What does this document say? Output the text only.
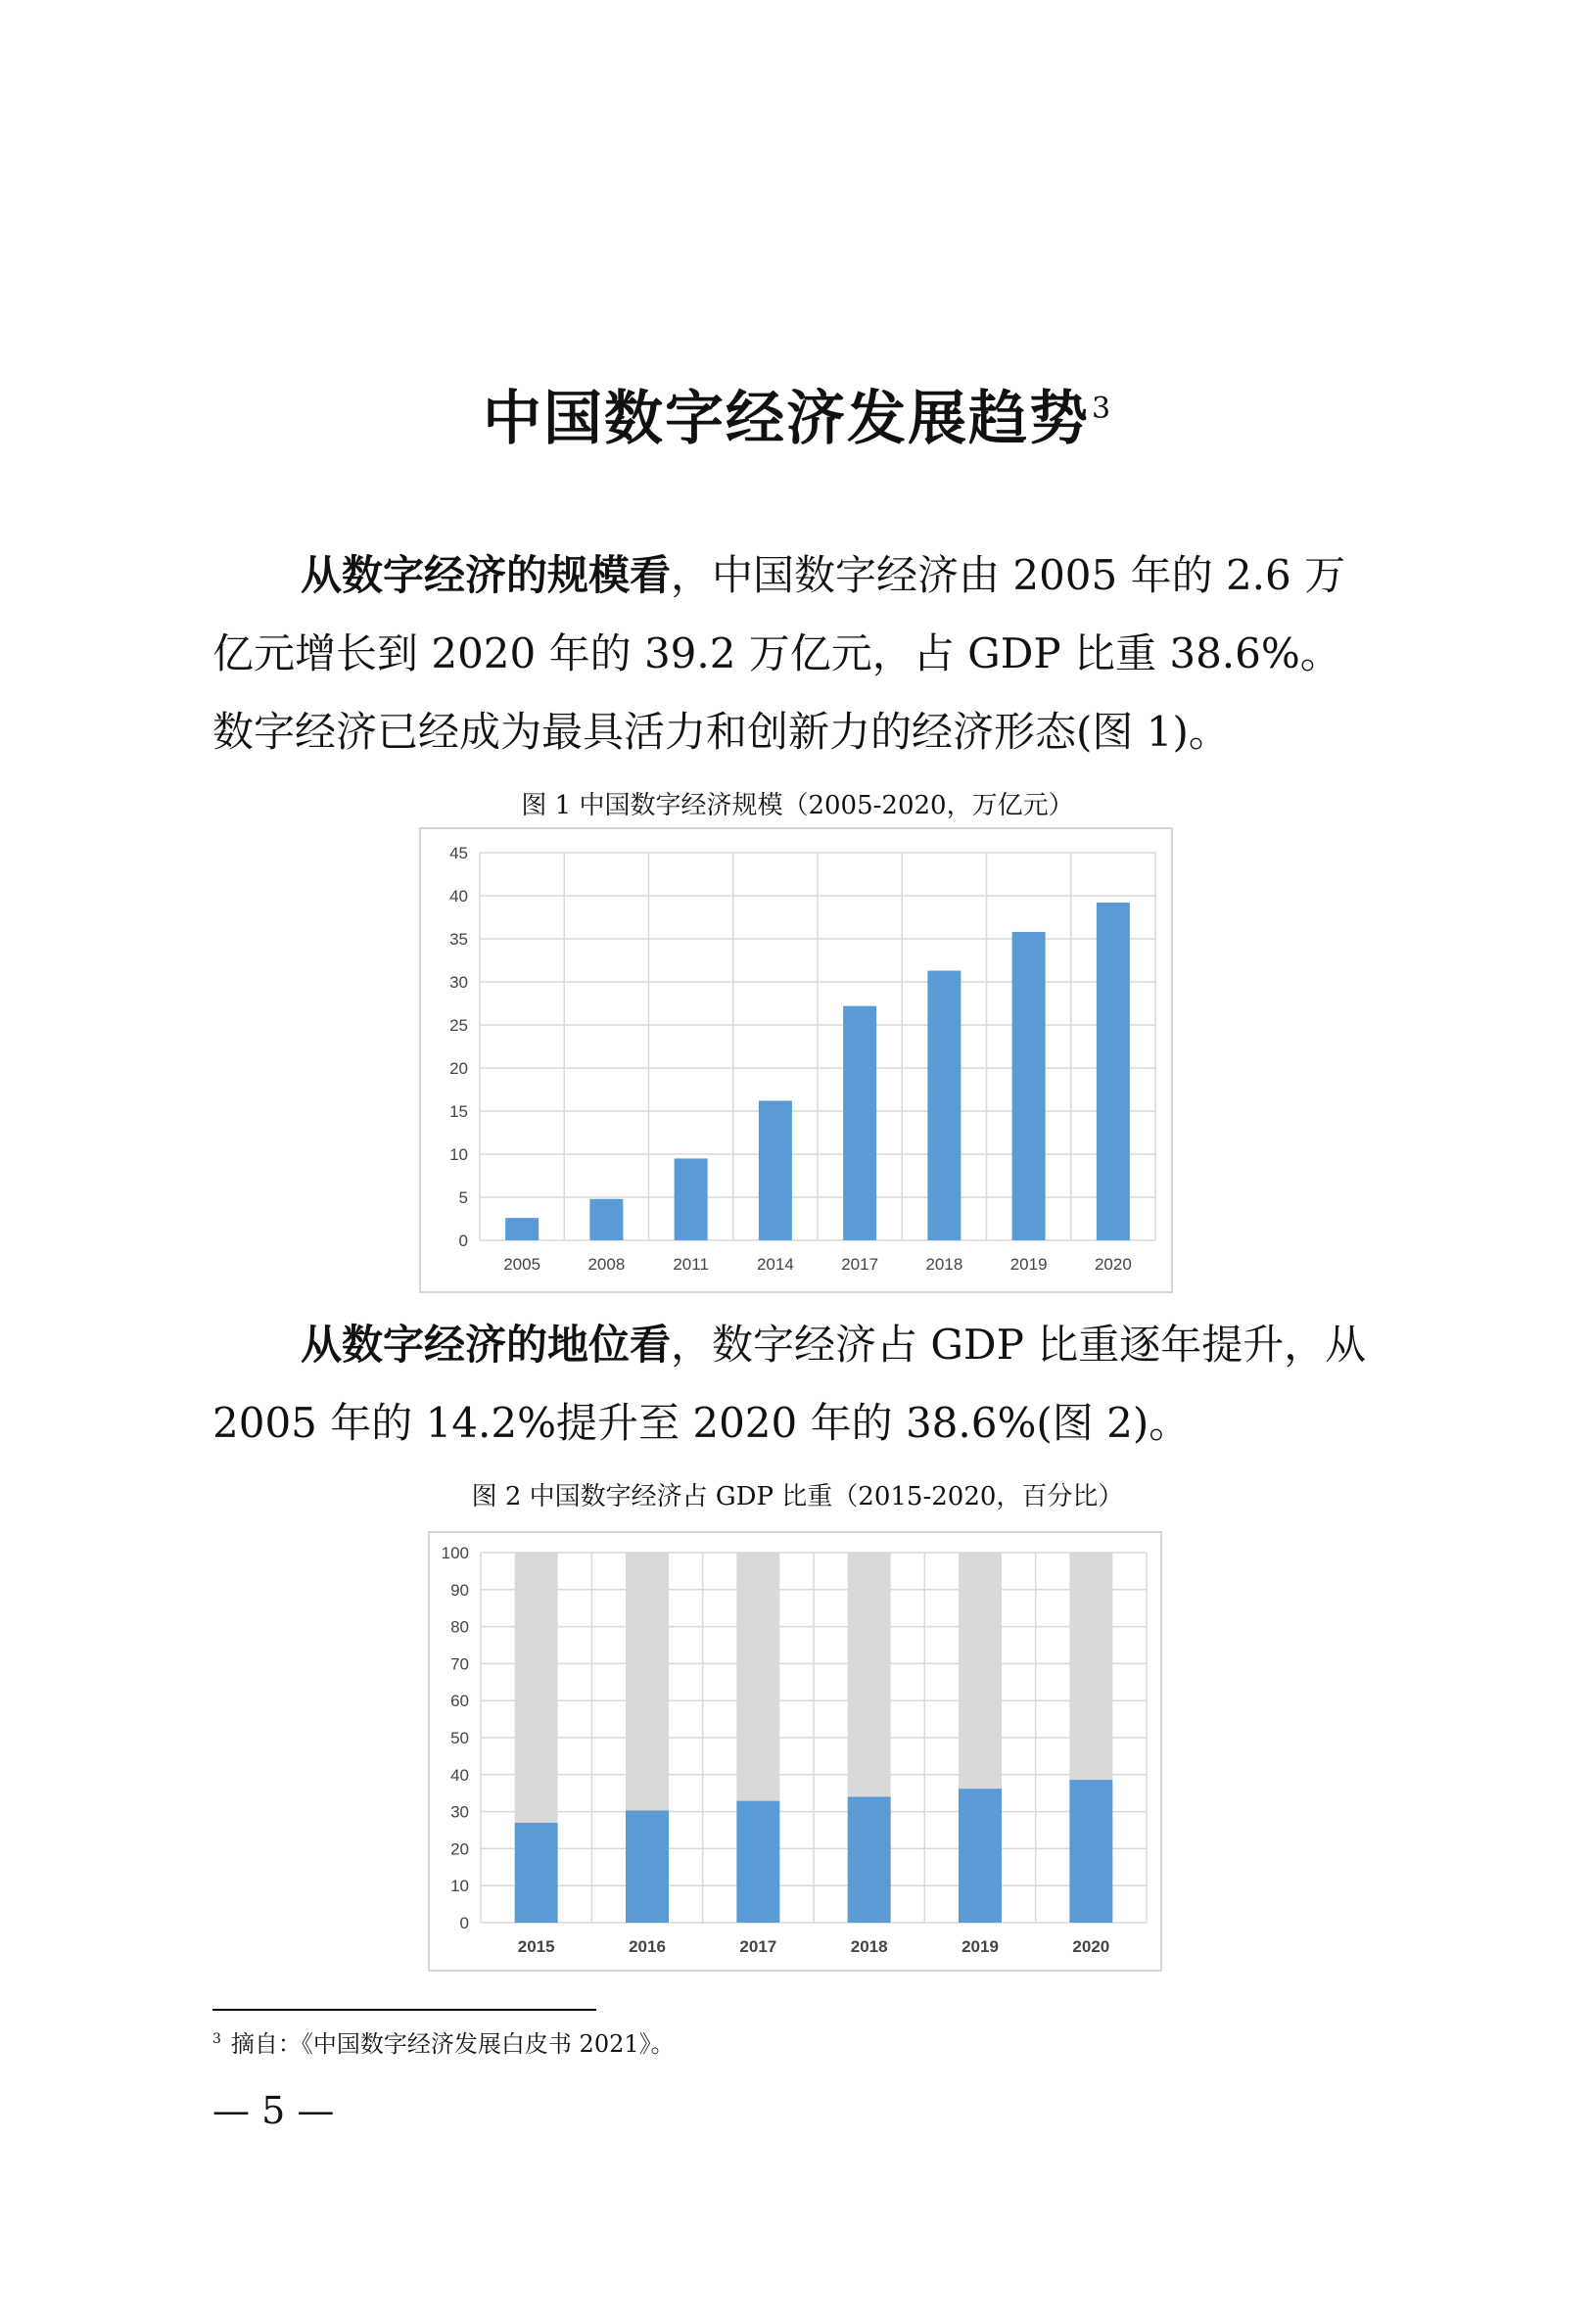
中国数字经济发展趋势$^3$

从数字经济的规模看，中国数字经济由 2005 年的 2.6 万亿元增长到 2020 年的 39.2 万亿元，占 GDP 比重 38.6%。数字经济已经成为最具活力和创新力的经济形态(图 1)。

图 1 中国数字经济规模（2005-2020，万亿元）
0
5
10
15
20
25
30
35
40
45
2005	2008	2011	2014	2017	2018	2019	2020

从数字经济的地位看，数字经济占 GDP 比重逐年提升，从 2005 年的 14.2%提升至 2020 年的 38.6%(图 2)。

图 2 中国数字经济占 GDP 比重（2015-2020，百分比）
0
10
20
30
40
50
60
70
80
90
100
2015	2016	2017	2018	2019	2020
$^3$ 摘自：《中国数字经济发展白皮书 2021》。
— 5 —
